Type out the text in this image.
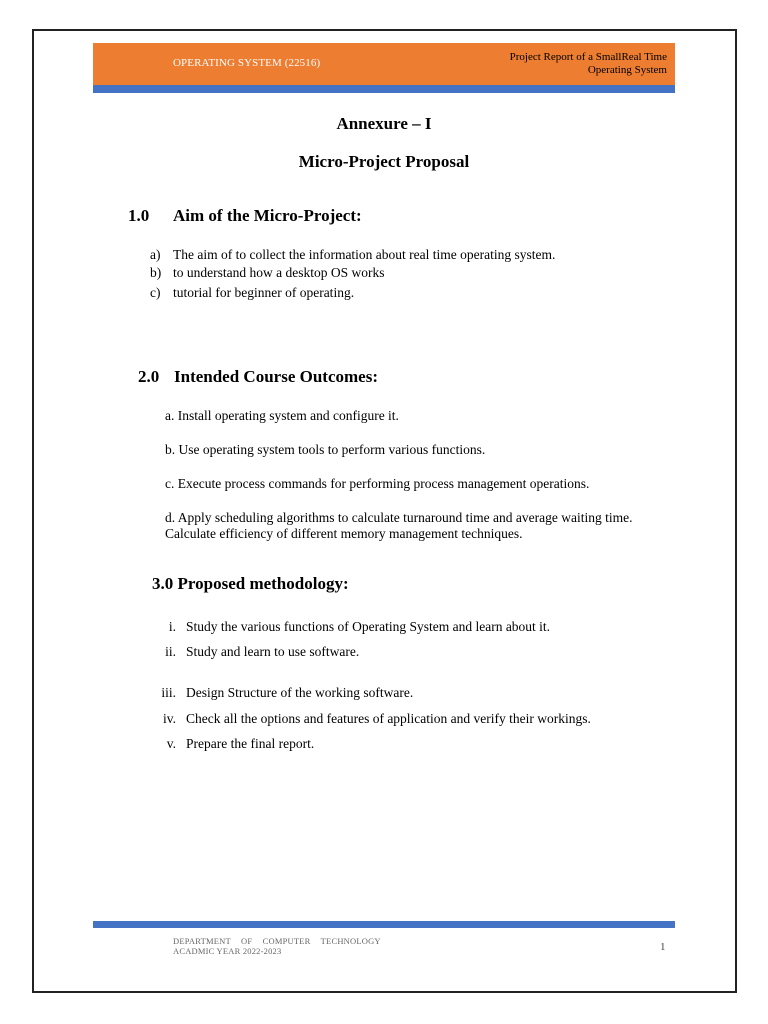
OPERATING SYSTEM (22516)	Project Report of a SmallReal Time
Operating System
Annexure – I
Micro-Project Proposal
1.0 Aim of the Micro-Project:
a) The aim of to collect the information about real time operating system.
b) to understand how a desktop OS works
c) tutorial for beginner of operating.
2.0 Intended Course Outcomes:
a. Install operating system and configure it.
b. Use operating system tools to perform various functions.
c. Execute process commands for performing process management operations.
d. Apply scheduling algorithms to calculate turnaround time and average waiting time. Calculate efficiency of different memory management techniques.
3.0 Proposed methodology:
i. Study the various functions of Operating System and learn about it.
ii. Study and learn to use software.
iii. Design Structure of the working software.
iv. Check all the options and features of application and verify their workings.
v. Prepare the final report.
DEPARTMENT OF COMPUTER TECHNOLOGY
ACADMIC YEAR 2022-2023	1
